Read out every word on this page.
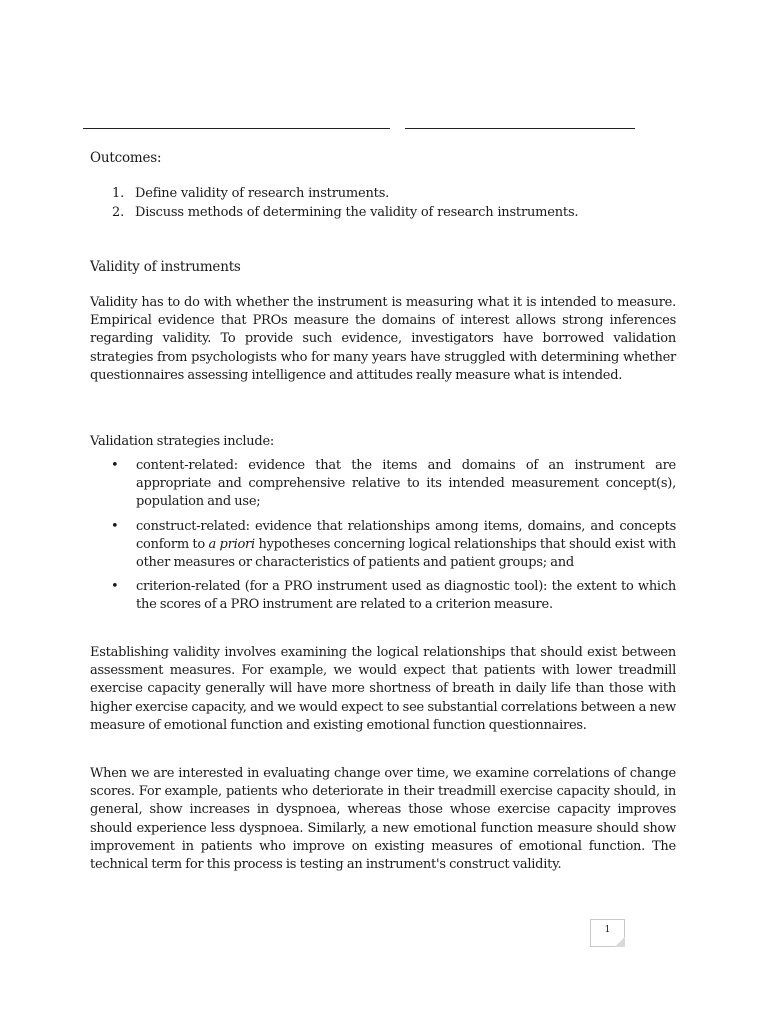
Outcomes:
1. Define validity of research instruments.
2. Discuss methods of determining the validity of research instruments.
Validity of instruments

Validity has to do with whether the instrument is measuring what it is intended to measure. Empirical evidence that PROs measure the domains of interest allows strong inferences regarding validity. To provide such evidence, investigators have borrowed validation strategies from psychologists who for many years have struggled with determining whether questionnaires assessing intelligence and attitudes really measure what is intended.

Validation strategies include:

• content-related: evidence that the items and domains of an instrument are appropriate and comprehensive relative to its intended measurement concept(s), population and use;
• construct-related: evidence that relationships among items, domains, and concepts conform to a priori hypotheses concerning logical relationships that should exist with other measures or characteristics of patients and patient groups; and
• criterion-related (for a PRO instrument used as diagnostic tool): the extent to which the scores of a PRO instrument are related to a criterion measure.

Establishing validity involves examining the logical relationships that should exist between assessment measures. For example, we would expect that patients with lower treadmill exercise capacity generally will have more shortness of breath in daily life than those with higher exercise capacity, and we would expect to see substantial correlations between a new measure of emotional function and existing emotional function questionnaires.

When we are interested in evaluating change over time, we examine correlations of change scores. For example, patients who deteriorate in their treadmill exercise capacity should, in general, show increases in dyspnoea, whereas those whose exercise capacity improves should experience less dyspnoea. Similarly, a new emotional function measure should show improvement in patients who improve on existing measures of emotional function. The technical term for this process is testing an instrument's construct validity.

1
